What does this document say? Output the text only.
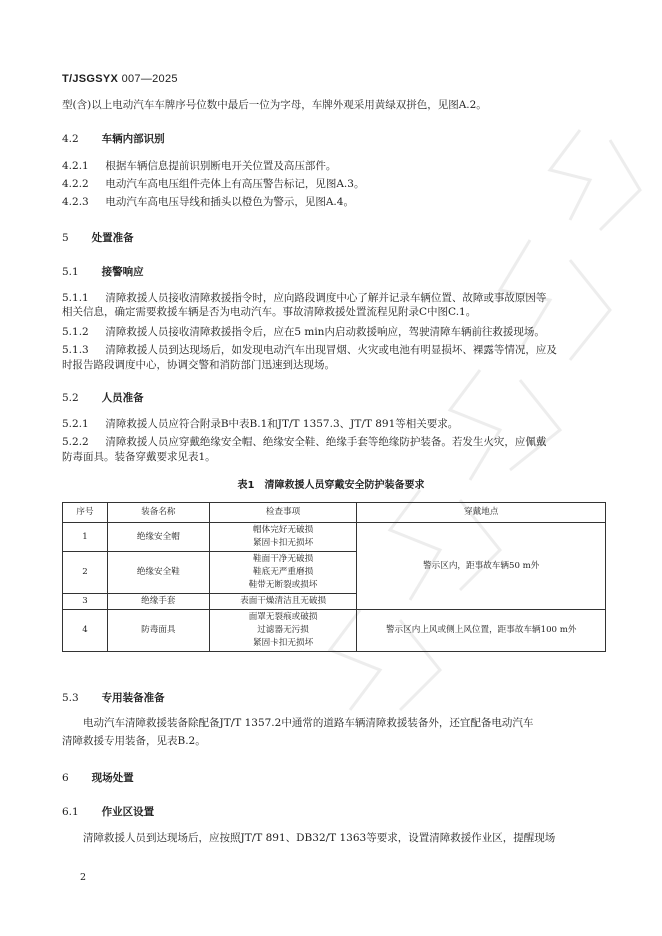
T/JSGSYX 007—2025
型(含)以上电动汽车车牌序号位数中最后一位为字母，车牌外观采用黄绿双拼色，见图A.2。
4.2 车辆内部识别
4.2.1 根据车辆信息提前识别断电开关位置及高压部件。
4.2.2 电动汽车高电压组件壳体上有高压警告标记，见图A.3。
4.2.3 电动汽车高电压导线和插头以橙色为警示，见图A.4。
5 处置准备
5.1 接警响应
5.1.1 清障救援人员接收清障救援指令时，应向路段调度中心了解并记录车辆位置、故障或事故原因等
相关信息，确定需要救援车辆是否为电动汽车。事故清障救援处置流程见附录C中图C.1。
5.1.2 清障救援人员接收清障救援指令后，应在5 min内启动救援响应，驾驶清障车辆前往救援现场。
5.1.3 清障救援人员到达现场后，如发现电动汽车出现冒烟、火灾或电池有明显损坏、裸露等情况，应及
时报告路段调度中心，协调交警和消防部门迅速到达现场。
5.2 人员准备
5.2.1 清障救援人员应符合附录B中表B.1和JT/T 1357.3、JT/T 891等相关要求。
5.2.2 清障救援人员应穿戴绝缘安全帽、绝缘安全鞋、绝缘手套等绝缘防护装备。若发生火灾，应佩戴
防毒面具。装备穿戴要求见表1。
表1　清障救援人员穿戴安全防护装备要求
序号	装备名称	检查事项	穿戴地点
1	绝缘安全帽	帽体完好无破损
紧固卡扣无损坏	警示区内，距事故车辆50 m外
2	绝缘安全鞋	鞋面干净无破损
鞋底无严重磨损
鞋带无断裂或损坏	

3	绝缘手套	表面干燥清洁且无破损	

4	防毒面具	面罩无裂痕或破损
过滤器无污损
紧固卡扣无损坏	警示区内上风或侧上风位置，距事故车辆100 m外
5.3 专用装备准备
电动汽车清障救援装备除配备JT/T 1357.2中通常的道路车辆清障救援装备外，还宜配备电动汽车
清障救援专用装备，见表B.2。
6 现场处置
6.1 作业区设置
清障救援人员到达现场后，应按照JT/T 891、DB32/T 1363等要求，设置清障救援作业区，提醒现场
2
